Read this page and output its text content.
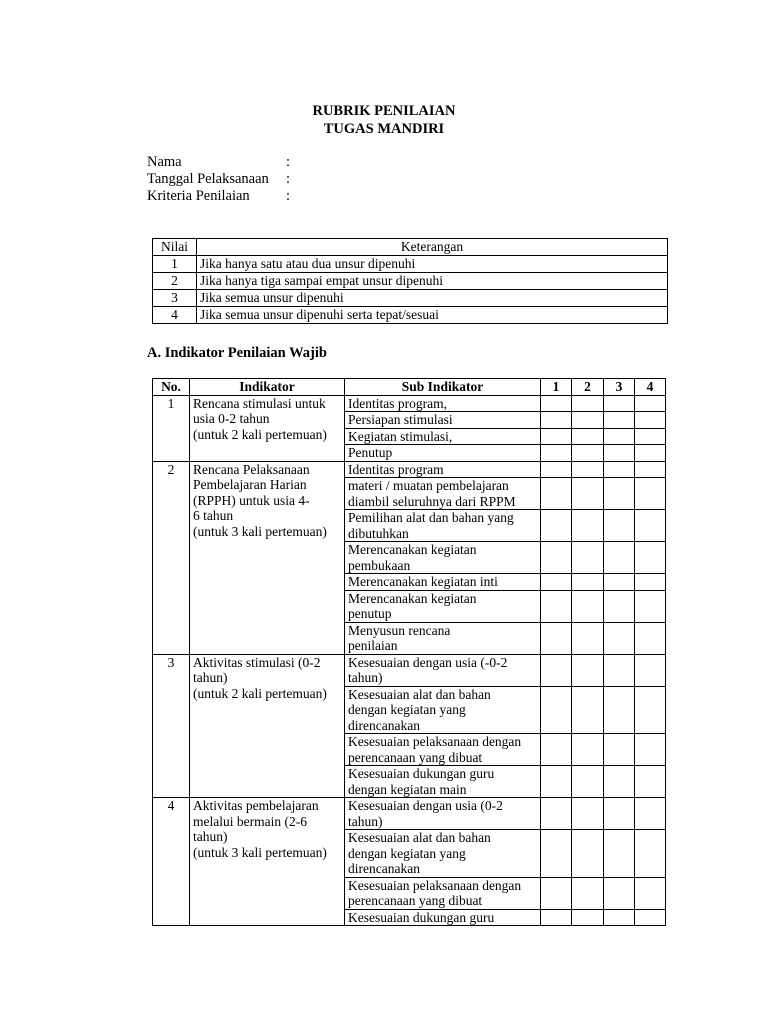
RUBRIK PENILAIAN
TUGAS MANDIRI
Nama	:
Tanggal Pelaksanaan :
Kriteria Penilaian	:
Nilai	Keterangan
1	Jika hanya satu atau dua unsur dipenuhi
2	Jika hanya tiga sampai empat unsur dipenuhi
3	Jika semua unsur dipenuhi
4	Jika semua unsur dipenuhi serta tepat/sesuai
A. Indikator Penilaian Wajib
No.	Indikator	Sub Indikator	1	2	3	4
1	Rencana stimulasi untuk
usia 0-2 tahun
(untuk 2 kali pertemuan)	Identitas program,				
		Persiapan stimulasi				
		Kegiatan stimulasi,				
		Penutup				
2	Rencana Pelaksanaan
Pembelajaran Harian
(RPPH) untuk usia 4-
6 tahun
(untuk 3 kali pertemuan)	Identitas program				
		materi / muatan pembelajaran
diambil seluruhnya dari RPPM				
		Pemilihan alat dan bahan yang
dibutuhkan				
		Merencanakan kegiatan
pembukaan				
		Merencanakan kegiatan inti				
		Merencanakan kegiatan
penutup				
		Menyusun rencana
penilaian				
3	Aktivitas stimulasi (0-2
tahun)
(untuk 2 kali pertemuan)	Kesesuaian dengan usia (-0-2
tahun)				
		Kesesuaian alat dan bahan
dengan kegiatan yang
direncanakan				
		Kesesuaian pelaksanaan dengan
perencanaan yang dibuat				
		Kesesuaian dukungan guru
dengan kegiatan main				
4	Aktivitas pembelajaran
melalui bermain (2-6
tahun)
(untuk 3 kali pertemuan)	Kesesuaian dengan usia (0-2
tahun)				
		Kesesuaian alat dan bahan
dengan kegiatan yang
direncanakan				
		Kesesuaian pelaksanaan dengan
perencanaan yang dibuat				
		Kesesuaian dukungan guru				
